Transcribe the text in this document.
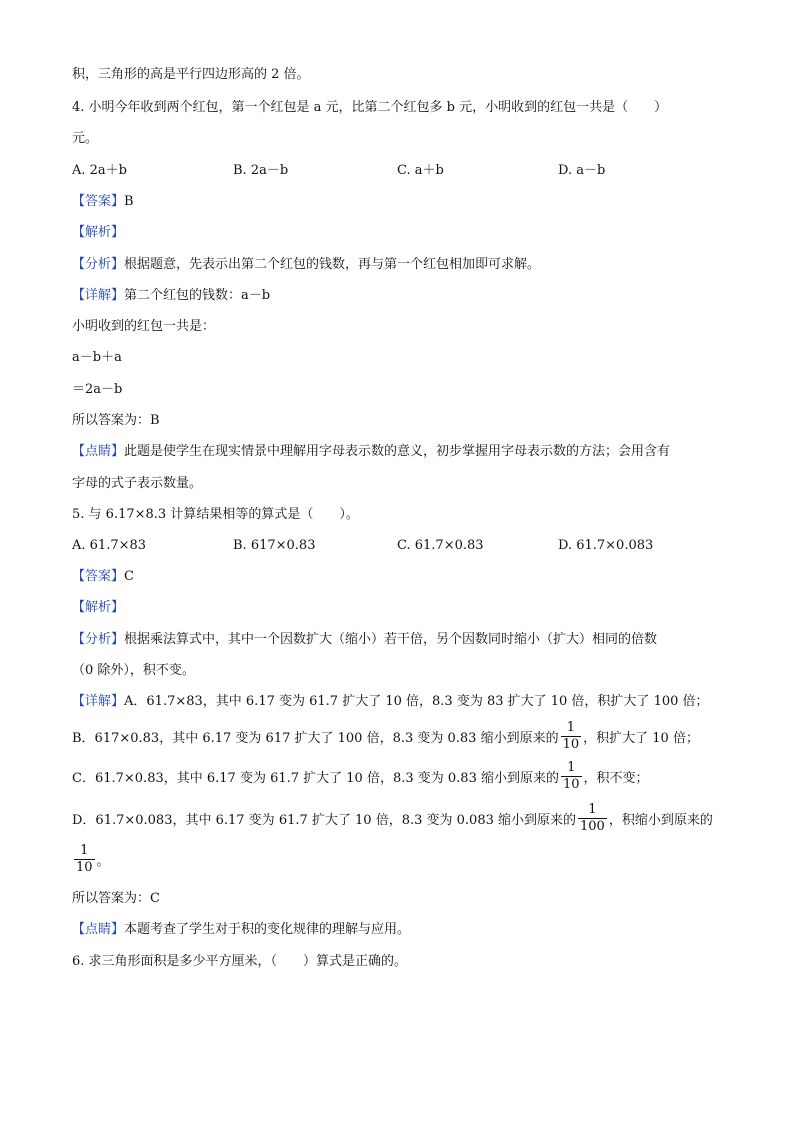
积，三角形的高是平行四边形高的 2 倍。
4. 小明今年收到两个红包，第一个红包是 a 元，比第二个红包多 b 元，小明收到的红包一共是（　　）
元。
A. 2a＋b	B. 2a－b	C. a＋b	D. a－b
【答案】B
【解析】
【分析】根据题意，先表示出第二个红包的钱数，再与第一个红包相加即可求解。
【详解】第二个红包的钱数：a－b
小明收到的红包一共是：
a－b＋a
＝2a－b
所以答案为：B
【点睛】此题是使学生在现实情景中理解用字母表示数的意义，初步掌握用字母表示数的方法；会用含有
字母的式子表示数量。
5. 与 6.17×8.3 计算结果相等的算式是（　　）。
A. 61.7×83	B. 617×0.83	C. 61.7×0.83	D. 61.7×0.083
【答案】C
【解析】
【分析】根据乘法算式中，其中一个因数扩大（缩小）若干倍，另个因数同时缩小（扩大）相同的倍数
（0 除外），积不变。
【详解】A．61.7×83，其中 6.17 变为 61.7 扩大了 10 倍，8.3 变为 83 扩大了 10 倍，积扩大了 100 倍；
B．617×0.83，其中 6.17 变为 617 扩大了 100 倍，8.3 变为 0.83 缩小到原来的 $\frac{1}{10}$ ，积扩大了 10 倍；
C．61.7×0.83，其中 6.17 变为 61.7 扩大了 10 倍，8.3 变为 0.83 缩小到原来的 $\frac{1}{10}$ ，积不变；
D．61.7×0.083，其中 6.17 变为 61.7 扩大了 10 倍，8.3 变为 0.083 缩小到原来的 $\frac{1}{100}$ ，积缩小到原来的
$\frac{1}{10}$ 。
所以答案为：C
【点睛】本题考查了学生对于积的变化规律的理解与应用。
6. 求三角形面积是多少平方厘米，（　　）算式是正确的。
